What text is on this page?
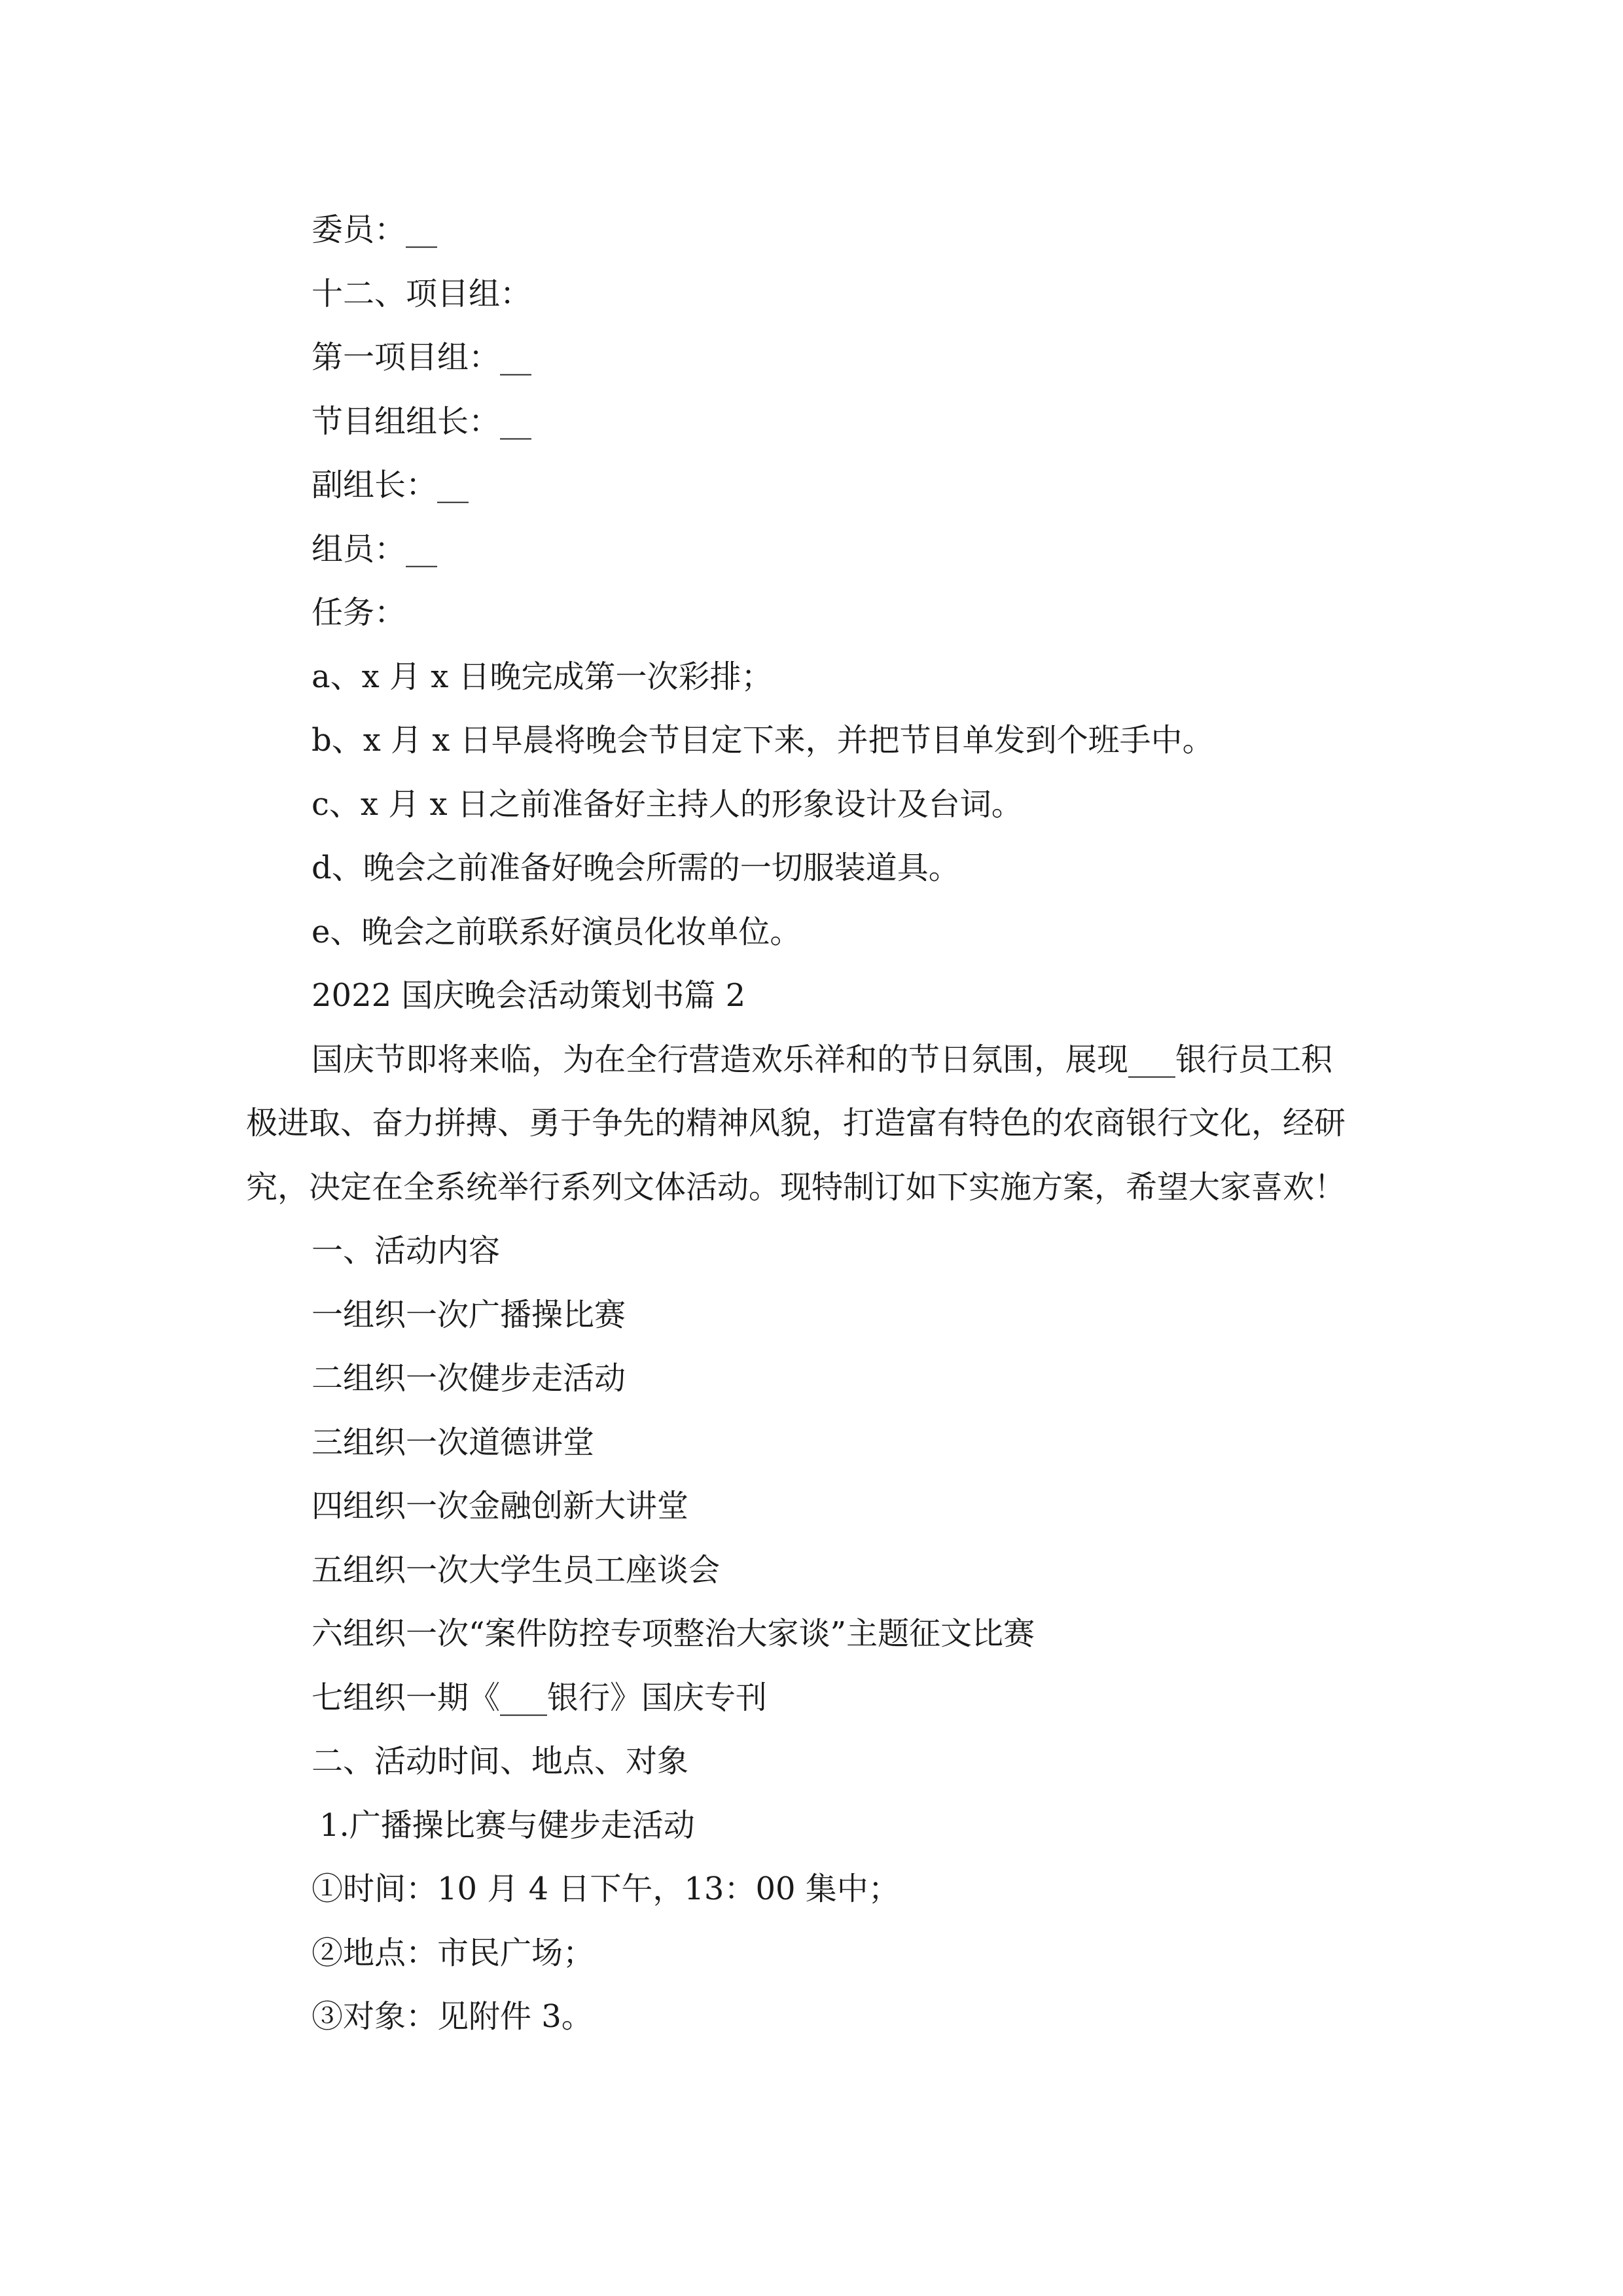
委员：__
十二、项目组：
第一项目组：__
节目组组长：__
副组长：__
组员：__
任务：
a、x 月 x 日晚完成第一次彩排；
b、x 月 x 日早晨将晚会节目定下来，并把节目单发到个班手中。
c、x 月 x 日之前准备好主持人的形象设计及台词。
d、晚会之前准备好晚会所需的一切服装道具。
e、晚会之前联系好演员化妆单位。
2022 国庆晚会活动策划书篇 2
国庆节即将来临，为在全行营造欢乐祥和的节日氛围，展现___银行员工积
极进取、奋力拼搏、勇于争先的精神风貌，打造富有特色的农商银行文化，经研
究，决定在全系统举行系列文体活动。现特制订如下实施方案，希望大家喜欢！
一、活动内容
一组织一次广播操比赛
二组织一次健步走活动
三组织一次道德讲堂
四组织一次金融创新大讲堂
五组织一次大学生员工座谈会
六组织一次“案件防控专项整治大家谈”主题征文比赛
七组织一期《___银行》国庆专刊
二、活动时间、地点、对象
1.广播操比赛与健步走活动
①时间：10 月 4 日下午，13：00 集中；
②地点：市民广场；
③对象：见附件 3。
